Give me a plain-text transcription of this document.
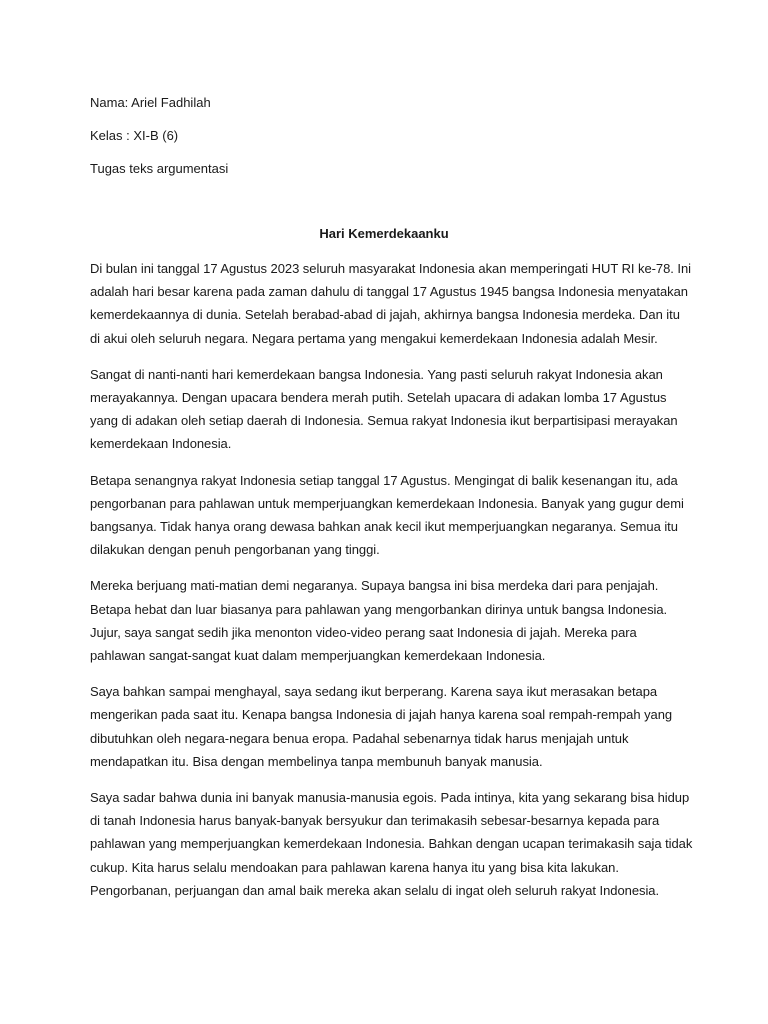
Nama: Ariel Fadhilah
Kelas : XI-B (6)
Tugas teks argumentasi
Hari Kemerdekaanku

Di bulan ini tanggal 17 Agustus 2023 seluruh masyarakat Indonesia akan memperingati HUT RI ke-78. Ini
adalah hari besar karena pada zaman dahulu di tanggal 17 Agustus 1945 bangsa Indonesia menyatakan
kemerdekaannya di dunia. Setelah berabad-abad di jajah, akhirnya bangsa Indonesia merdeka. Dan itu
di akui oleh seluruh negara. Negara pertama yang mengakui kemerdekaan Indonesia adalah Mesir.

Sangat di nanti-nanti hari kemerdekaan bangsa Indonesia. Yang pasti seluruh rakyat Indonesia akan
merayakannya. Dengan upacara bendera merah putih. Setelah upacara di adakan lomba 17 Agustus
yang di adakan oleh setiap daerah di Indonesia. Semua rakyat Indonesia ikut berpartisipasi merayakan
kemerdekaan Indonesia.

Betapa senangnya rakyat Indonesia setiap tanggal 17 Agustus. Mengingat di balik kesenangan itu, ada
pengorbanan para pahlawan untuk memperjuangkan kemerdekaan Indonesia. Banyak yang gugur demi
bangsanya. Tidak hanya orang dewasa bahkan anak kecil ikut memperjuangkan negaranya. Semua itu
dilakukan dengan penuh pengorbanan yang tinggi.

Mereka berjuang mati-matian demi negaranya. Supaya bangsa ini bisa merdeka dari para penjajah.
Betapa hebat dan luar biasanya para pahlawan yang mengorbankan dirinya untuk bangsa Indonesia.
Jujur, saya sangat sedih jika menonton video-video perang saat Indonesia di jajah. Mereka para
pahlawan sangat-sangat kuat dalam memperjuangkan kemerdekaan Indonesia.

Saya bahkan sampai menghayal, saya sedang ikut berperang. Karena saya ikut merasakan betapa
mengerikan pada saat itu. Kenapa bangsa Indonesia di jajah hanya karena soal rempah-rempah yang
dibutuhkan oleh negara-negara benua eropa. Padahal sebenarnya tidak harus menjajah untuk
mendapatkan itu. Bisa dengan membelinya tanpa membunuh banyak manusia.

Saya sadar bahwa dunia ini banyak manusia-manusia egois. Pada intinya, kita yang sekarang bisa hidup
di tanah Indonesia harus banyak-banyak bersyukur dan terimakasih sebesar-besarnya kepada para
pahlawan yang memperjuangkan kemerdekaan Indonesia. Bahkan dengan ucapan terimakasih saja tidak
cukup. Kita harus selalu mendoakan para pahlawan karena hanya itu yang bisa kita lakukan.
Pengorbanan, perjuangan dan amal baik mereka akan selalu di ingat oleh seluruh rakyat Indonesia.
